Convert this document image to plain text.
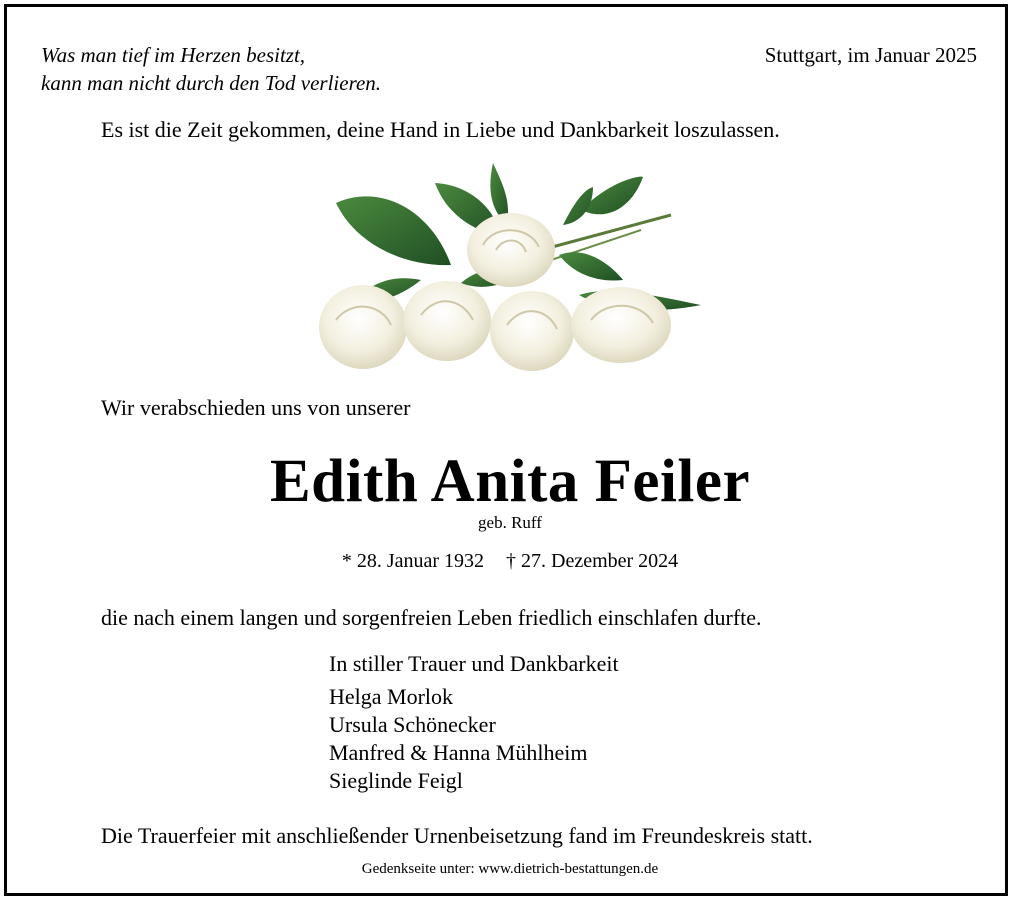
Was man tief im Herzen besitzt,
kann man nicht durch den Tod verlieren.
Stuttgart, im Januar 2025
Es ist die Zeit gekommen, deine Hand in Liebe und Dankbarkeit loszulassen.
Wir verabschieden uns von unserer
Edith Anita Feiler
geb. Ruff
* 28. Januar 1932 † 27. Dezember 2024
die nach einem langen und sorgenfreien Leben friedlich einschlafen durfte.
In stiller Trauer und Dankbarkeit
Helga Morlok
Ursula Schönecker
Manfred & Hanna Mühlheim
Sieglinde Feigl
Die Trauerfeier mit anschließender Urnenbeisetzung fand im Freundeskreis statt.
Gedenkseite unter: www.dietrich-bestattungen.de
